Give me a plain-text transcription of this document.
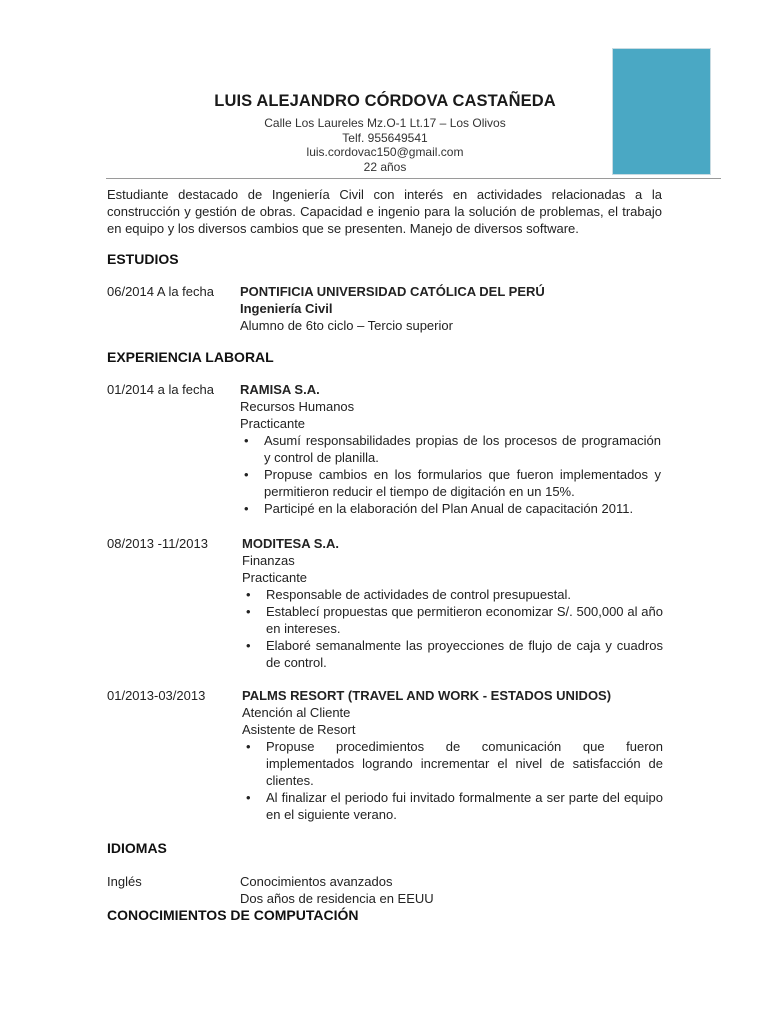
LUIS ALEJANDRO CÓRDOVA CASTAÑEDA
Calle Los Laureles Mz.O-1 Lt.17 – Los Olivos
Telf. 955649541
luis.cordovac150@gmail.com
22 años
Estudiante destacado de Ingeniería Civil con interés en actividades relacionadas a la construcción y gestión de obras. Capacidad e ingenio para la solución de problemas, el trabajo en equipo y los diversos cambios que se presenten. Manejo de diversos software.
ESTUDIOS
06/2014 A la fecha	PONTIFICIA UNIVERSIDAD CATÓLICA DEL PERÚ
Ingeniería Civil
Alumno de 6to ciclo – Tercio superior
EXPERIENCIA LABORAL
01/2014 a la fecha	RAMISA S.A.
Recursos Humanos
Practicante
• Asumí responsabilidades propias de los procesos de programación y control de planilla.
• Propuse cambios en los formularios que fueron implementados y permitieron reducir el tiempo de digitación en un 15%.
• Participé en la elaboración del Plan Anual de capacitación 2011.
08/2013 -11/2013	MODITESA S.A.
Finanzas
Practicante
• Responsable de actividades de control presupuestal.
• Establecí propuestas que permitieron economizar S/. 500,000 al año en intereses.
• Elaboré semanalmente las proyecciones de flujo de caja y cuadros de control.
01/2013-03/2013	PALMS RESORT (TRAVEL AND WORK - ESTADOS UNIDOS)
Atención al Cliente
Asistente de Resort
• Propuse procedimientos de comunicación que fueron implementados logrando incrementar el nivel de satisfacción de clientes.
• Al finalizar el periodo fui invitado formalmente a ser parte del equipo en el siguiente verano.
IDIOMAS
Inglés	Conocimientos avanzados
Dos años de residencia en EEUU
CONOCIMIENTOS DE COMPUTACIÓN
